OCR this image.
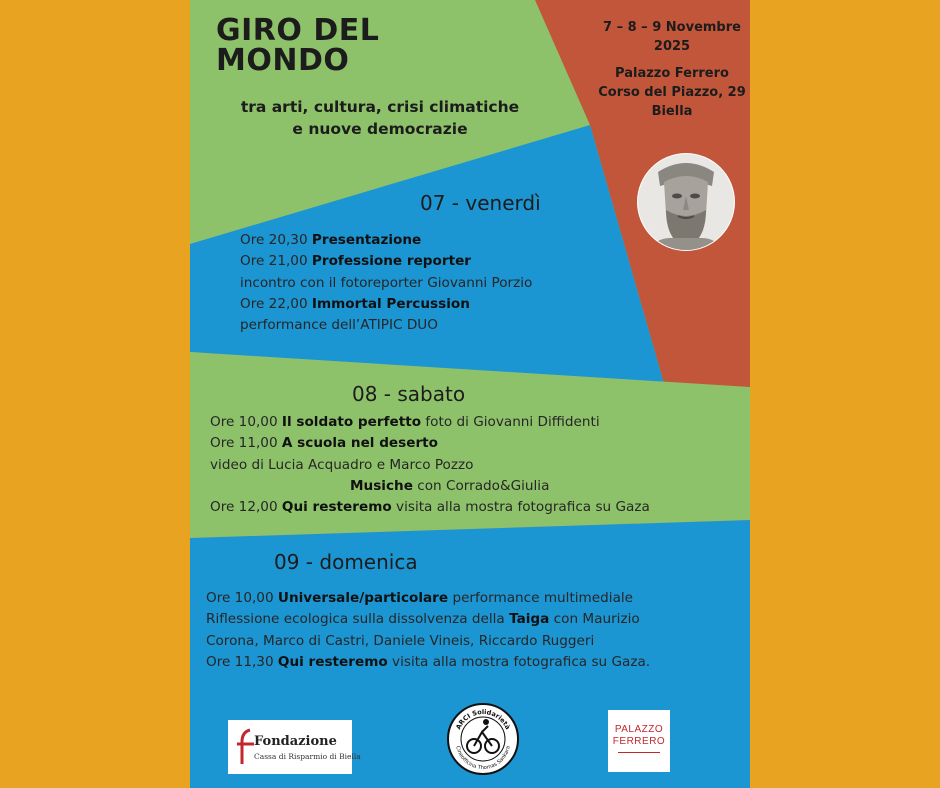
GIRO DEL
MONDO
tra arti, cultura, crisi climatiche
e nuove democrazie
7 – 8 – 9 Novembre
2025
Palazzo Ferrero
Corso del Piazzo, 29
Biella
07 - venerdì
Ore 20,30 Presentazione
Ore 21,00 Professione reporter
incontro con il fotoreporter Giovanni Porzio
Ore 22,00 Immortal Percussion
performance dell’ATIPIC DUO
08 - sabato
Ore 10,00 Il soldato perfetto foto di Giovanni Diffidenti
Ore 11,00 A scuola nel deserto
video di Lucia Acquadro e Marco Pozzo
Musiche con Corrado&Giulia
Ore 12,00 Qui resteremo visita alla mostra fotografica su Gaza
09 - domenica
Ore 10,00 Universale/particolare performance multimediale
Riflessione ecologica sulla dissolvenza della Taiga con Maurizio
Corona, Marco di Castri, Daniele Vineis, Riccardo Ruggeri
Ore 11,30 Qui resteremo visita alla mostra fotografica su Gaza.
Fondazione
Cassa di Risparmio di Biella
ARCI Solidarietà
Cineofficina Thomas Sankara
PALAZZO
FERRERO
